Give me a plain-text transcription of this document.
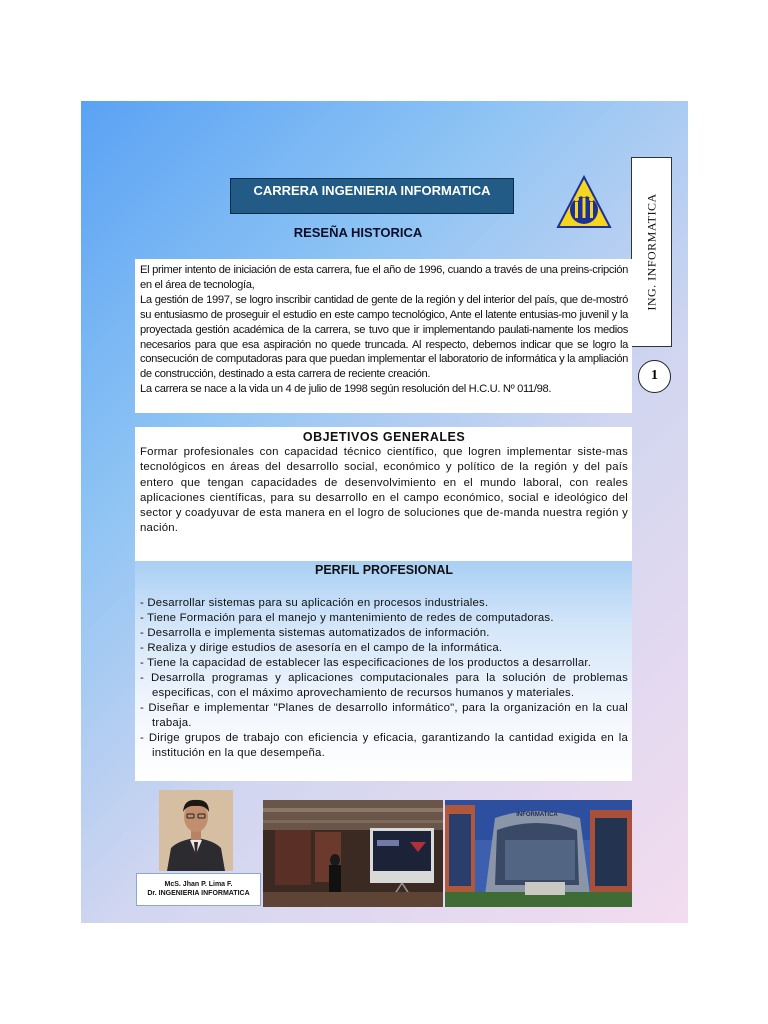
CARRERA INGENIERIA INFORMATICA
RESEÑA HISTORICA	ING. INFORMATICA
1

El primer intento de iniciación de esta carrera, fue el año de 1996, cuando a través de una preins-cripción en el área de tecnología,

La gestión de 1997, se logro inscribir cantidad de gente de la región y del interior del país, que de-mostró su entusiasmo de proseguir el estudio en este campo tecnológico, Ante el latente entusias-mo juvenil y la proyectada gestión académica de la carrera, se tuvo que ir implementando paulati-namente los medios necesarios para que esa aspiración no quede truncada. Al respecto, debemos indicar que se logro la consecución de computadoras para que puedan implementar el laboratorio de informática y la ampliación de construcción, destinado a esta carrera de reciente creación.

La carrera se nace a la vida un 4 de julio de 1998 según resolución del H.C.U. Nº 011/98.

OBJETIVOS GENERALES

Formar profesionales con capacidad técnico científico, que logren implementar siste-mas tecnológicos en áreas del desarrollo social, económico y político de la región y del país entero que tengan capacidades de desenvolvimiento en el mundo laboral, con reales aplicaciones científicas, para su desarrollo en el campo económico, social e ideológico del sector y coadyuvar de esta manera en el logro de soluciones que de-manda nuestra región y nación.

PERFIL PROFESIONAL
- Desarrollar sistemas para su aplicación en procesos industriales.
- Tiene Formación para el manejo y mantenimiento de redes de computadoras.
- Desarrolla e implementa sistemas automatizados de información.
- Realiza y dirige estudios de asesoría en el campo de la informática.
- Tiene la capacidad de establecer las especificaciones de los productos a desarrollar.
- Desarrolla programas y aplicaciones computacionales para la solución de problemas especificas, con el máximo aprovechamiento de recursos humanos y materiales.
- Diseñar e implementar "Planes de desarrollo informático", para la organización en la cual trabaja.
- Dirige grupos de trabajo con eficiencia y eficacia, garantizando la cantidad exigida en la institución en la que desempeña.
McS. Jhan P. Lima F.
Dr. INGENIERIA INFORMATICA
INFORMATICA
